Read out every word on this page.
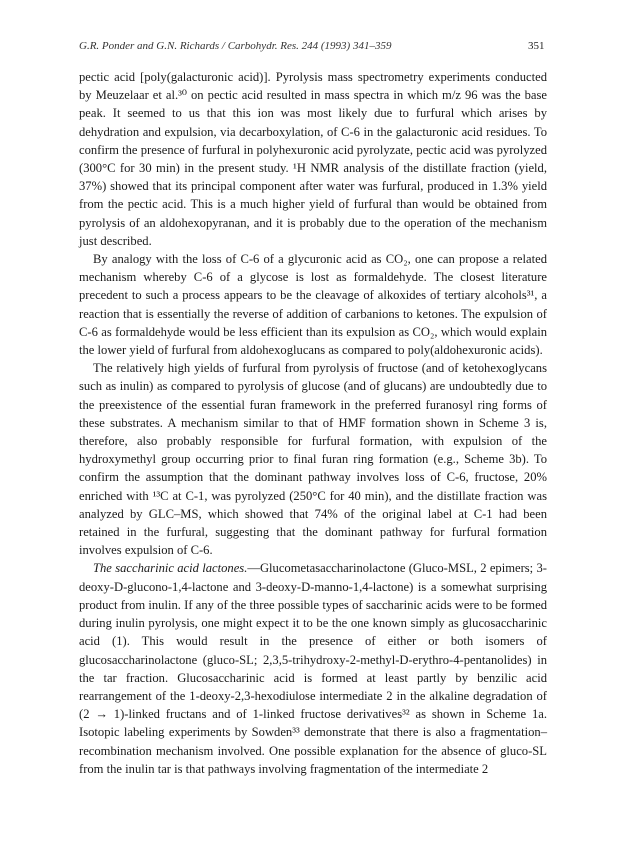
G.R. Ponder and G.N. Richards / Carbohydr. Res. 244 (1993) 341–359	351

pectic acid [poly(galacturonic acid)]. Pyrolysis mass spectrometry experiments conducted by Meuzelaar et al.³⁰ on pectic acid resulted in mass spectra in which m/z 96 was the base peak. It seemed to us that this ion was most likely due to furfural which arises by dehydration and expulsion, via decarboxylation, of C-6 in the galacturonic acid residues. To confirm the presence of furfural in polyhexuronic acid pyrolyzate, pectic acid was pyrolyzed (300°C for 30 min) in the present study. ¹H NMR analysis of the distillate fraction (yield, 37%) showed that its principal component after water was furfural, produced in 1.3% yield from the pectic acid. This is a much higher yield of furfural than would be obtained from pyrolysis of an aldohexopyranan, and it is probably due to the operation of the mechanism just described.

By analogy with the loss of C-6 of a glycuronic acid as CO₂, one can propose a related mechanism whereby C-6 of a glycose is lost as formaldehyde. The closest literature precedent to such a process appears to be the cleavage of alkoxides of tertiary alcohols³¹, a reaction that is essentially the reverse of addition of carbanions to ketones. The expulsion of C-6 as formaldehyde would be less efficient than its expulsion as CO₂, which would explain the lower yield of furfural from aldohexoglucans as compared to poly(aldohexuronic acids).

The relatively high yields of furfural from pyrolysis of fructose (and of ketohexoglycans such as inulin) as compared to pyrolysis of glucose (and of glucans) are undoubtedly due to the preexistence of the essential furan framework in the preferred furanosyl ring forms of these substrates. A mechanism similar to that of HMF formation shown in Scheme 3 is, therefore, also probably responsible for furfural formation, with expulsion of the hydroxymethyl group occurring prior to final furan ring formation (e.g., Scheme 3b). To confirm the assumption that the dominant pathway involves loss of C-6, fructose, 20% enriched with ¹³C at C-1, was pyrolyzed (250°C for 40 min), and the distillate fraction was analyzed by GLC–MS, which showed that 74% of the original label at C-1 had been retained in the furfural, suggesting that the dominant pathway for furfural formation involves expulsion of C-6.

The saccharinic acid lactones.—Glucometasaccharinolactone (Gluco-MSL, 2 epimers; 3-deoxy-D-glucono-1,4-lactone and 3-deoxy-D-manno-1,4-lactone) is a somewhat surprising product from inulin. If any of the three possible types of saccharinic acids were to be formed during inulin pyrolysis, one might expect it to be the one known simply as glucosaccharinic acid (1). This would result in the presence of either or both isomers of glucosaccharinolactone (gluco-SL; 2,3,5-trihydroxy-2-methyl-D-erythro-4-pentanolides) in the tar fraction. Glucosaccharinic acid is formed at least partly by benzilic acid rearrangement of the 1-deoxy-2,3-hexodiulose intermediate 2 in the alkaline degradation of (2 → 1)-linked fructans and of 1-linked fructose derivatives³² as shown in Scheme 1a. Isotopic labeling experiments by Sowden³³ demonstrate that there is also a fragmentation–recombination mechanism involved. One possible explanation for the absence of gluco-SL from the inulin tar is that pathways involving fragmentation of the intermediate 2
